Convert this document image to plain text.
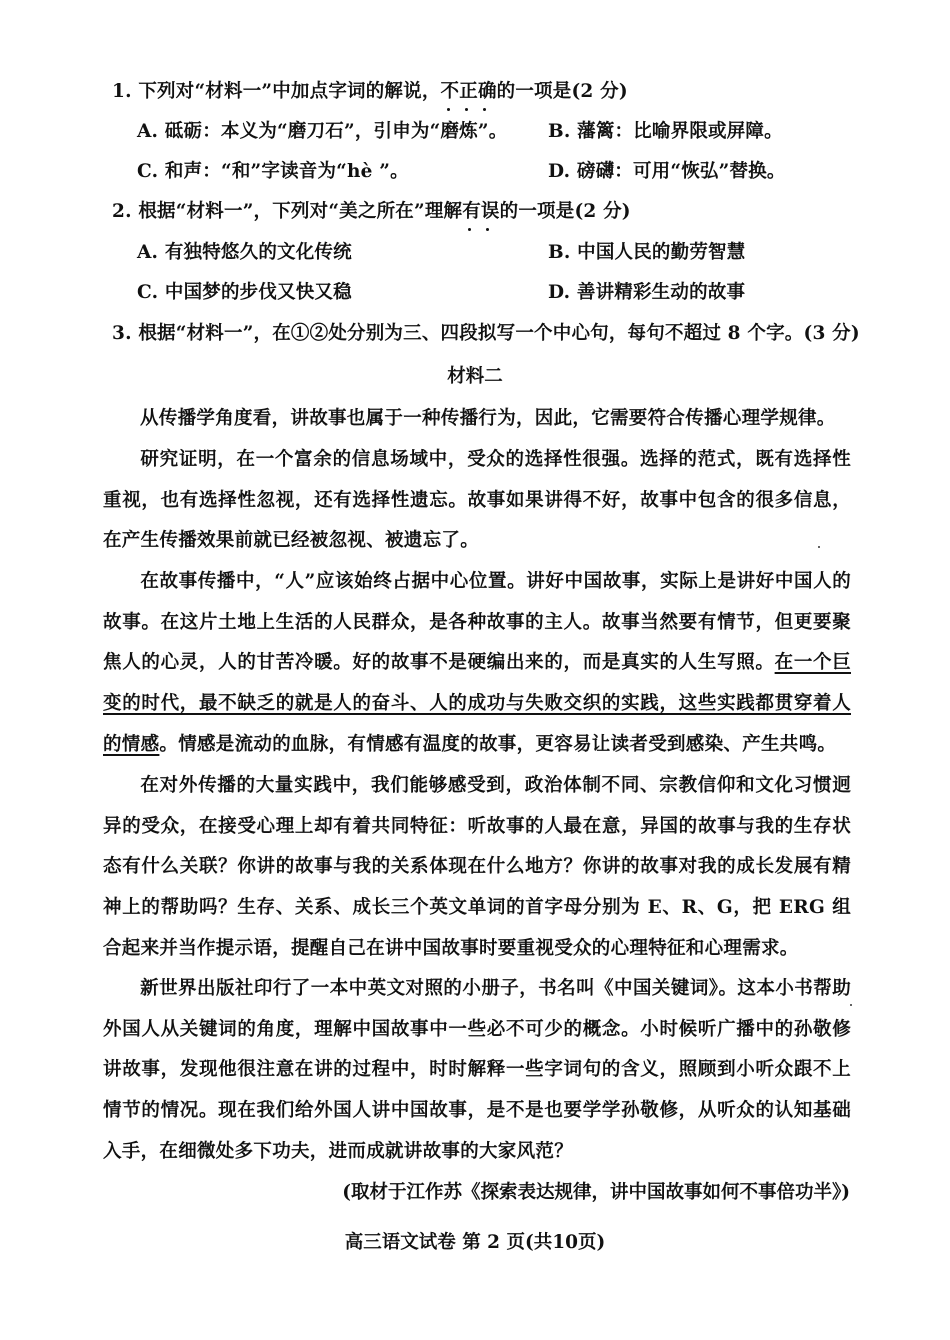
1. 下列对“材料一”中加点字词的解说，不正确
的一项是(2 分)
A. 砥砺：本义为“磨刀石”，引申为“磨炼”。 B. 藩篱：比喻界限或屏障。
C. 和声：“和”字读音为“hè ”。	D. 磅礴：可用“恢弘”替换。
2. 根据“材料一”，下列对“美之所在”理解有误
的一项是(2 分)
A. 有独特悠久的文化传统	B. 中国人民的勤劳智慧
C. 中国梦的步伐又快又稳	D. 善讲精彩生动的故事
3. 根据“材料一”，在①②处分别为三、四段拟写一个中心句，每句不超过 8 个字。(3 分)
材料二
从传播学角度看，讲故事也属于一种传播行为，因此，它需要符合传播心理学规律。
研究证明，在一个富余的信息场域中，受众的选择性很强。选择的范式，既有选择性重视，也有选择性忽视，还有选择性遗忘。故事如果讲得不好，故事中包含的很多信息，在产生传播效果前就已经被忽视、被遗忘了。
在故事传播中，“人”应该始终占据中心位置。讲好中国故事，实际上是讲好中国人的故事。在这片土地上生活的人民群众，是各种故事的主人。故事当然要有情节，但更要聚焦人的心灵，人的甘苦冷暖。好的故事不是硬编出来的，而是真实的人生写照。在一个巨变的时代，最不缺乏的就是人的奋斗、人的成功与失败交织的实践，这些实践都贯穿着人的情感。情感是流动的血脉，有情感有温度的故事，更容易让读者受到感染、产生共鸣。
在对外传播的大量实践中，我们能够感受到，政治体制不同、宗教信仰和文化习惯迥异的受众，在接受心理上却有着共同特征：听故事的人最在意，异国的故事与我的生存状态有什么关联？你讲的故事与我的关系体现在什么地方？你讲的故事对我的成长发展有精神上的帮助吗？生存、关系、成长三个英文单词的首字母分别为 E、R、G，把 ERG 组合起来并当作提示语，提醒自己在讲中国故事时要重视受众的心理特征和心理需求。
新世界出版社印行了一本中英文对照的小册子，书名叫《中国关键词》。这本小书帮助外国人从关键词的角度，理解中国故事中一些必不可少的概念。小时候听广播中的孙敬修讲故事，发现他很注意在讲的过程中，时时解释一些字词句的含义，照顾到小听众跟不上情节的情况。现在我们给外国人讲中国故事，是不是也要学学孙敬修，从听众的认知基础入手，在细微处多下功夫，进而成就讲故事的大家风范？
(取材于江作苏《探索表达规律，讲中国故事如何不事倍功半》)
高三语文试卷 第 2 页(共10页)
